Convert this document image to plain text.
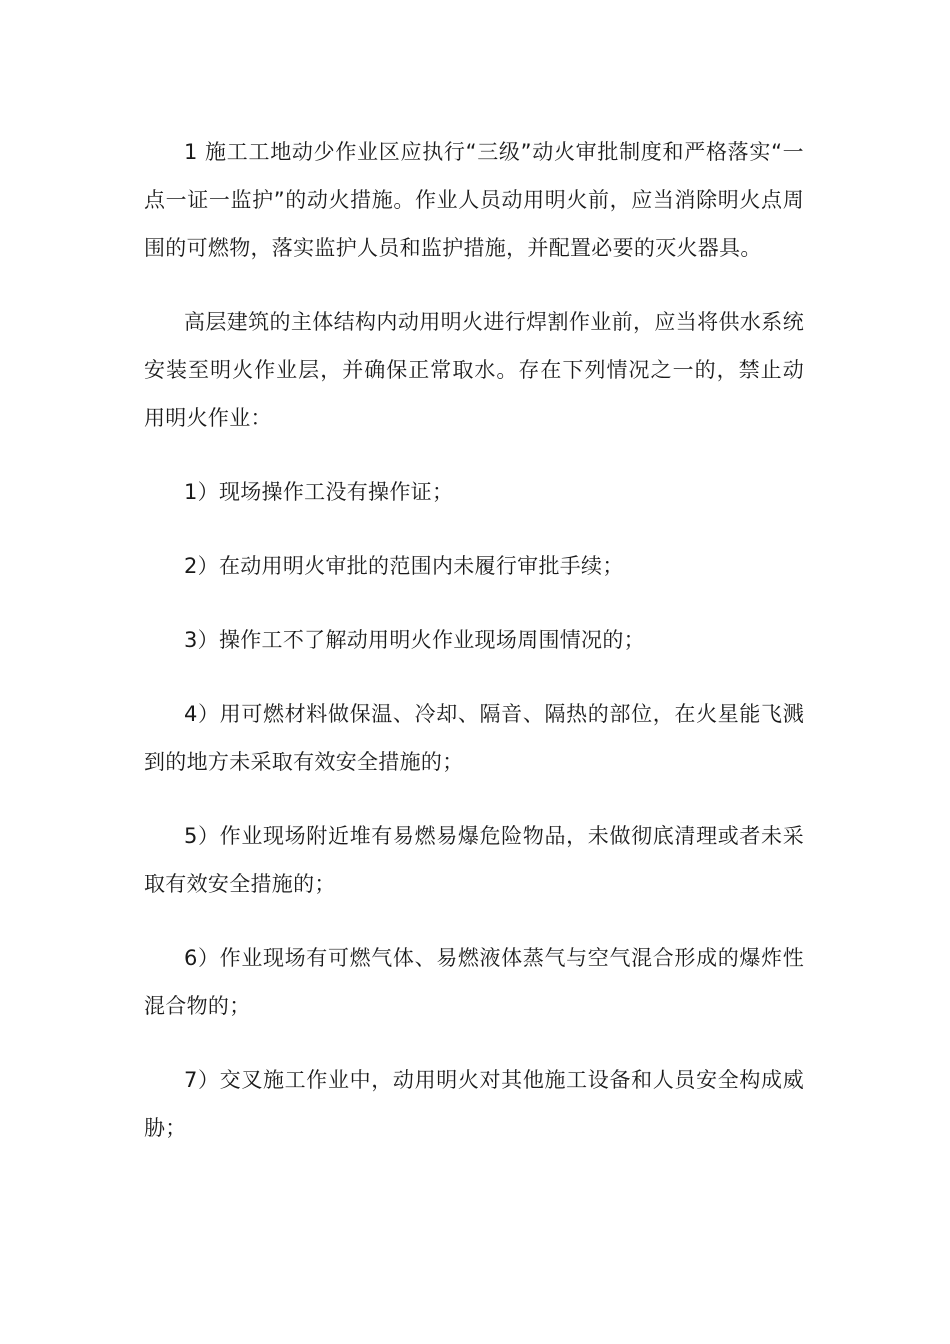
1 施工工地动少作业区应执行“三级”动火审批制度和严格落实“一点一证一监护”的动火措施。作业人员动用明火前，应当消除明火点周围的可燃物，落实监护人员和监护措施，并配置必要的灭火器具。

高层建筑的主体结构内动用明火进行焊割作业前，应当将供水系统安装至明火作业层，并确保正常取水。存在下列情况之一的，禁止动用明火作业：

1）现场操作工没有操作证；

2）在动用明火审批的范围内未履行审批手续；

3）操作工不了解动用明火作业现场周围情况的；

4）用可燃材料做保温、冷却、隔音、隔热的部位，在火星能飞溅到的地方未采取有效安全措施的；

5）作业现场附近堆有易燃易爆危险物品，未做彻底清理或者未采取有效安全措施的；

6）作业现场有可燃气体、易燃液体蒸气与空气混合形成的爆炸性混合物的；

7）交叉施工作业中，动用明火对其他施工设备和人员安全构成威胁；
